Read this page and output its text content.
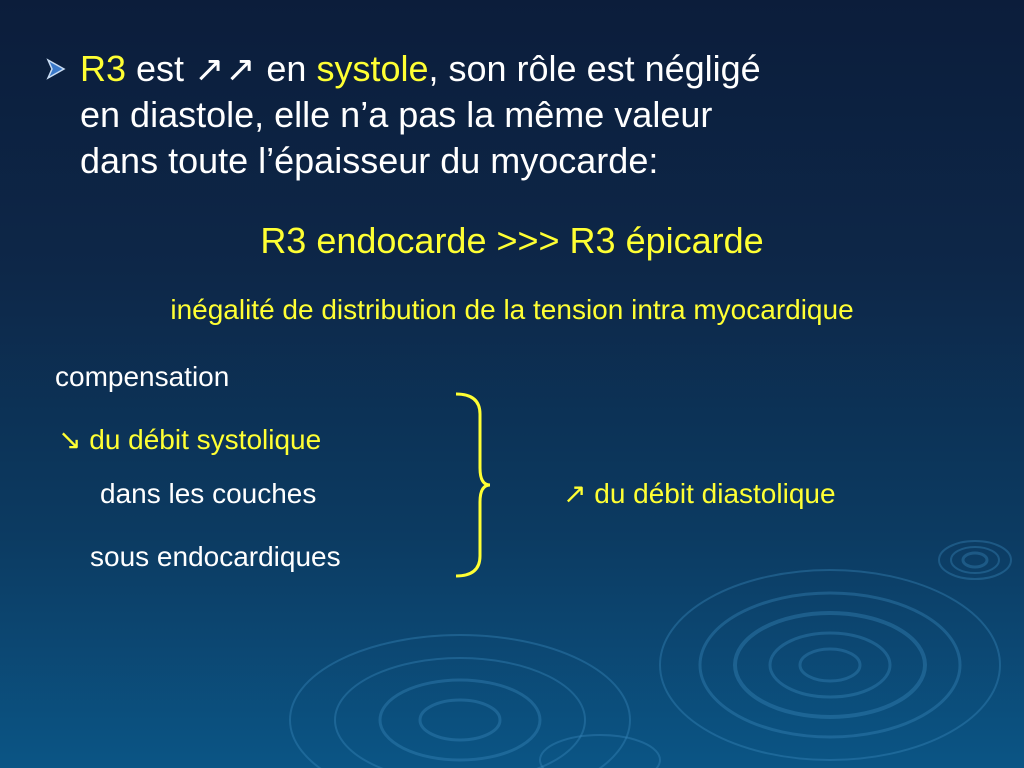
R3 est ↗↗ en systole, son rôle est négligé
en diastole, elle n’a pas la même valeur
dans toute l’épaisseur du myocarde:
R3 endocarde >>> R3 épicarde
inégalité de distribution de la tension intra myocardique
compensation
↘ du débit systolique
dans les couches
sous endocardiques
↗ du débit diastolique
